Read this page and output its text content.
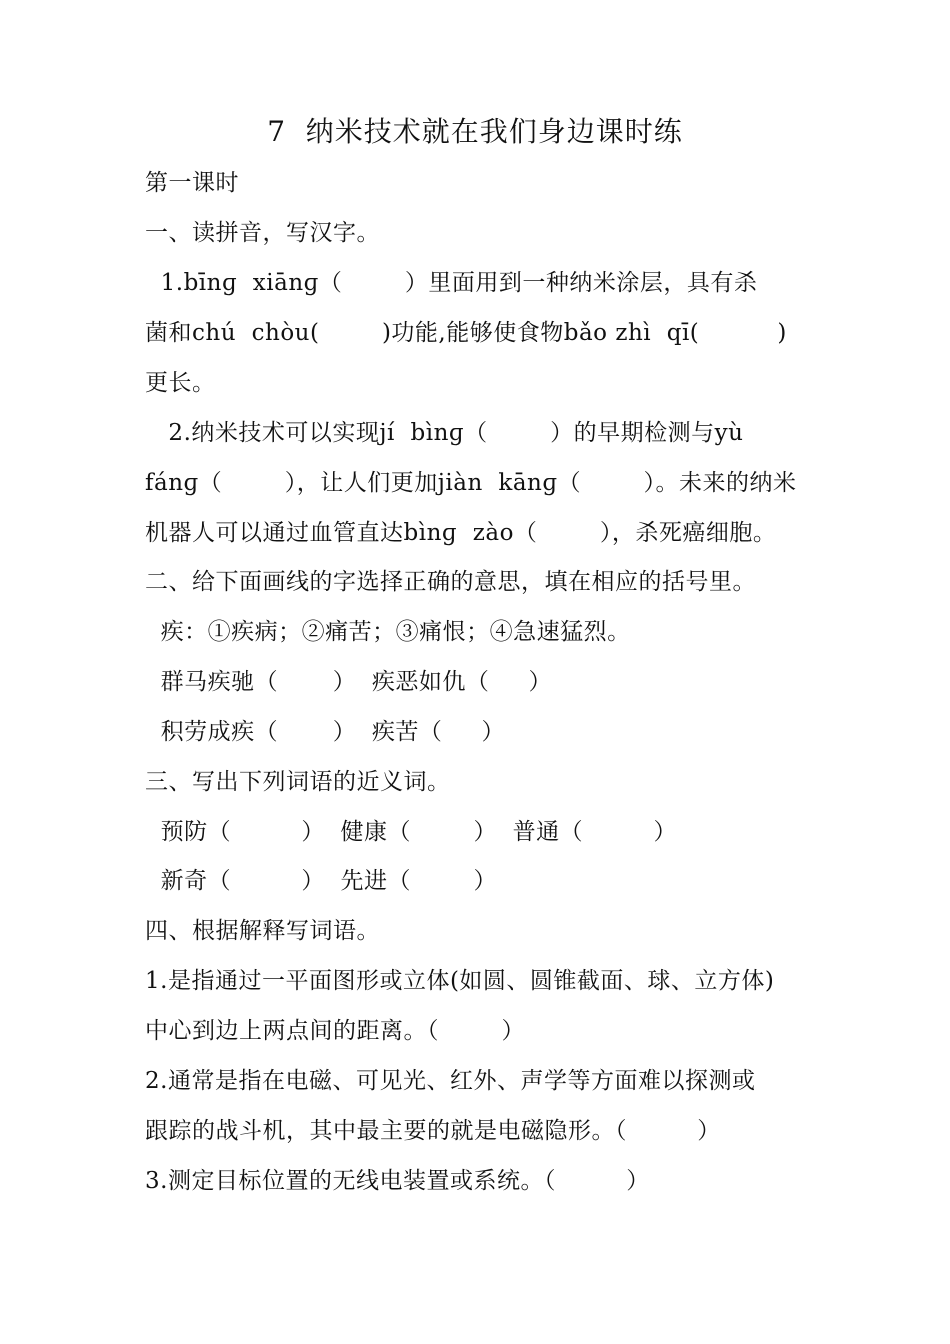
7  纳米技术就在我们身边课时练
第一课时
一、读拼音，写汉字。
1.bīnɡ  xiānɡ（        ）里面用到一种纳米涂层，具有杀
菌和chú  chòu(        )功能,能够使食物bǎo zhì  qī(          )
更长。
2.纳米技术可以实现jí  bìnɡ（        ）的早期检测与yù
fánɡ（        ），让人们更加jiàn  kānɡ（        ）。未来的纳米
机器人可以通过血管直达bìnɡ  zào（        ），杀死癌细胞。
二、给下面画线的字选择正确的意思，填在相应的括号里。
疾：①疾病；②痛苦；③痛恨；④急速猛烈。
群马疾驰（       ）  疾恶如仇（     ）
积劳成疾（       ）  疾苦（     ）
三、写出下列词语的近义词。
预防（         ）  健康（        ）  普通（         ）
新奇（         ）  先进（        ）
四、根据解释写词语。
1.是指通过一平面图形或立体(如圆、圆锥截面、球、立方体)
中心到边上两点间的距离。（        ）
2.通常是指在电磁、可见光、红外、声学等方面难以探测或
跟踪的战斗机，其中最主要的就是电磁隐形。（         ）
3.测定目标位置的无线电装置或系统。（         ）
